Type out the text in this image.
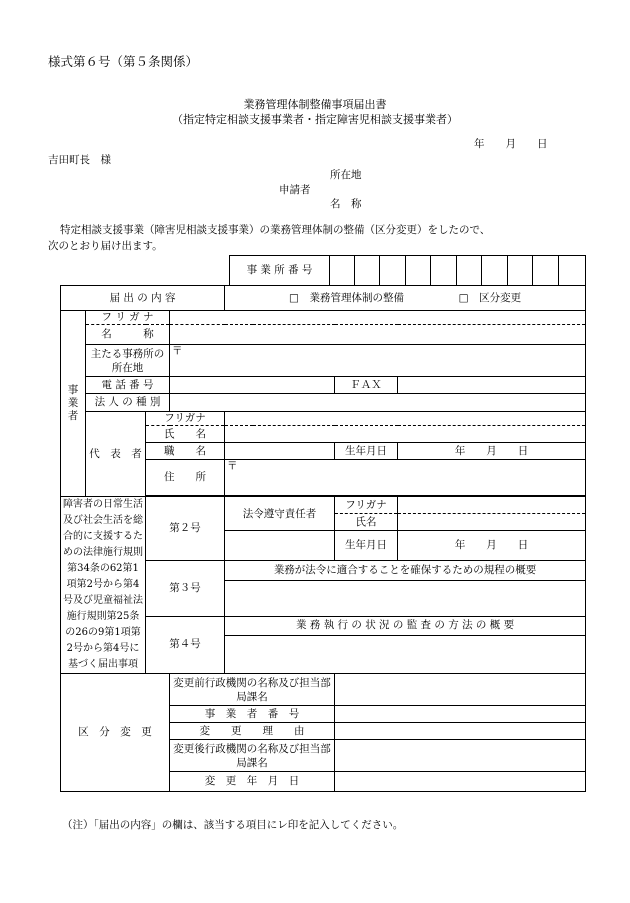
様式第６号（第５条関係）
業務管理体制整備事項届出書
（指定特定相談支援事業者・指定障害児相談支援事業者）
年　　月　　日
吉田町長　様
所在地
申請者
名　称
特定相談支援事業（障害児相談支援事業）の業務管理体制の整備（区分変更）をしたので、
次のとおり届け出ます。
事 業 所 番 号										
届 出 の 内 容				□　業務管理体制の整備 □　区分変更		
事
業
者	フ リ ガ ナ					
	名　　　称					
	主たる事務所の所在地		〒			
	電 話 番 号				ＦＡＸ	
	法 人 の 種 別					
	代　表　者	フリガナ				
		氏　　名				
		職　　名			生年月日	年　　月　　日
		住　　所		〒		

障害者の日常生活及び社会生活を総合的に支援するための法律施行規則第34条の62第1項第2号から第4号及び児童福祉法施行規則第25条の26の9第1項第2号から第4号に基づく届出事項		第２号		法令遵守責任者	フリガナ	
					氏名	
					生年月日	年　　月　　日
		第３号		業務が法令に適合することを確保するための規程の概要		

		第４号		業 務 執 行 の 状 況 の 監 査 の 方 法 の 概 要		

区　分　変　更			変更前行政機関の名称及び担当部局課名			
			事　業　者　番　号			
			変　　更　　理　　由			
			変更後行政機関の名称及び担当部局課名			
			変　更　年　月　日			
（注）「届出の内容」の欄は、該当する項目にレ印を記入してください。
